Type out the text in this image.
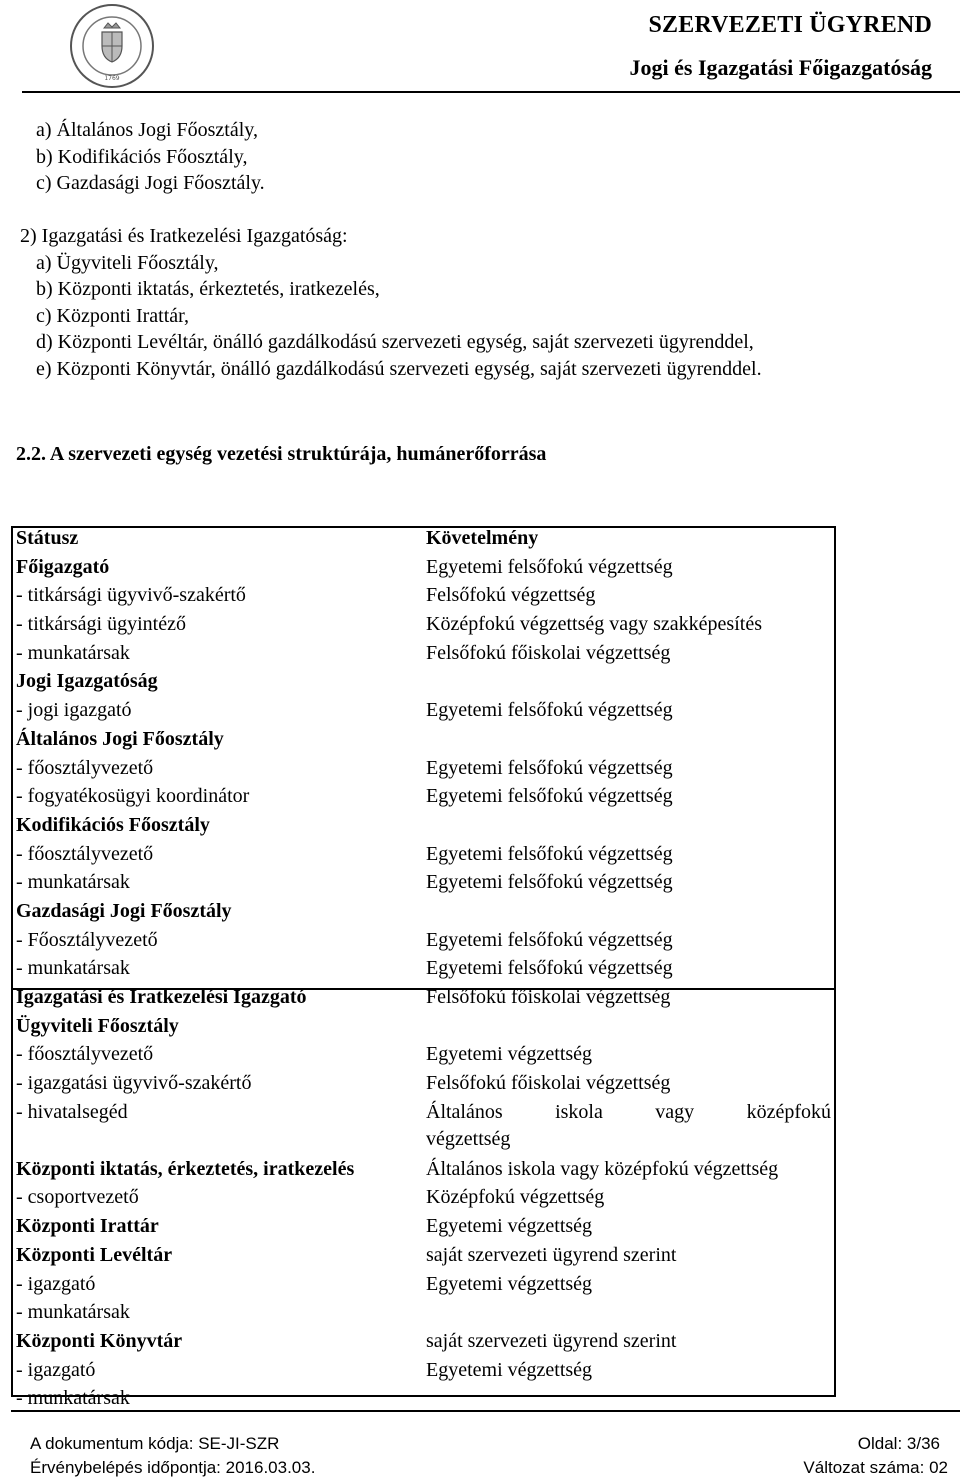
1769
SZERVEZETI ÜGYREND
Jogi és Igazgatási Főigazgatóság
a) Általános Jogi Főosztály,
b) Kodifikációs Főosztály,
c) Gazdasági Jogi Főosztály.
2) Igazgatási és Iratkezelési Igazgatóság:
a) Ügyviteli Főosztály,
b) Központi iktatás, érkeztetés, iratkezelés,
c) Központi Irattár,
d) Központi Levéltár, önálló gazdálkodású szervezeti egység, saját szervezeti ügyrenddel,
e) Központi Könyvtár, önálló gazdálkodású szervezeti egység, saját szervezeti ügyrenddel.
2.2. A szervezeti egység vezetési struktúrája, humánerőforrása
Státusz	Követelmény
Főigazgató	Egyetemi felsőfokú végzettség
- titkársági ügyvivő-szakértő	Felsőfokú végzettség
- titkársági ügyintéző	Középfokú végzettség vagy szakképesítés
- munkatársak	Felsőfokú főiskolai végzettség
Jogi Igazgatóság
- jogi igazgató	Egyetemi felsőfokú végzettség
Általános Jogi Főosztály
- főosztályvezető	Egyetemi felsőfokú végzettség
- fogyatékosügyi koordinátor	Egyetemi felsőfokú végzettség
Kodifikációs Főosztály
- főosztályvezető	Egyetemi felsőfokú végzettség
- munkatársak	Egyetemi felsőfokú végzettség
Gazdasági Jogi Főosztály
- Főosztályvezető	Egyetemi felsőfokú végzettség
- munkatársak	Egyetemi felsőfokú végzettség
Igazgatási és Iratkezelési Igazgató	Felsőfokú főiskolai végzettség
Ügyviteli Főosztály
- főosztályvezető	Egyetemi végzettség
- igazgatási ügyvivő-szakértő	Felsőfokú főiskolai végzettség
- hivatalsegéd	Általános iskola vagy középfokú
végzettség
Központi iktatás, érkeztetés, iratkezelés	Általános iskola vagy középfokú végzettség
- csoportvezető	Középfokú végzettség
Központi Irattár	Egyetemi végzettség
Központi Levéltár	saját szervezeti ügyrend szerint
- igazgató	Egyetemi végzettség
- munkatársak
Központi Könyvtár	saját szervezeti ügyrend szerint
- igazgató	Egyetemi végzettség
- munkatársak
A dokumentum kódja: SE-JI-SZR	Oldal: 3/36
Érvénybelépés időpontja: 2016.03.03.	Változat száma: 02
